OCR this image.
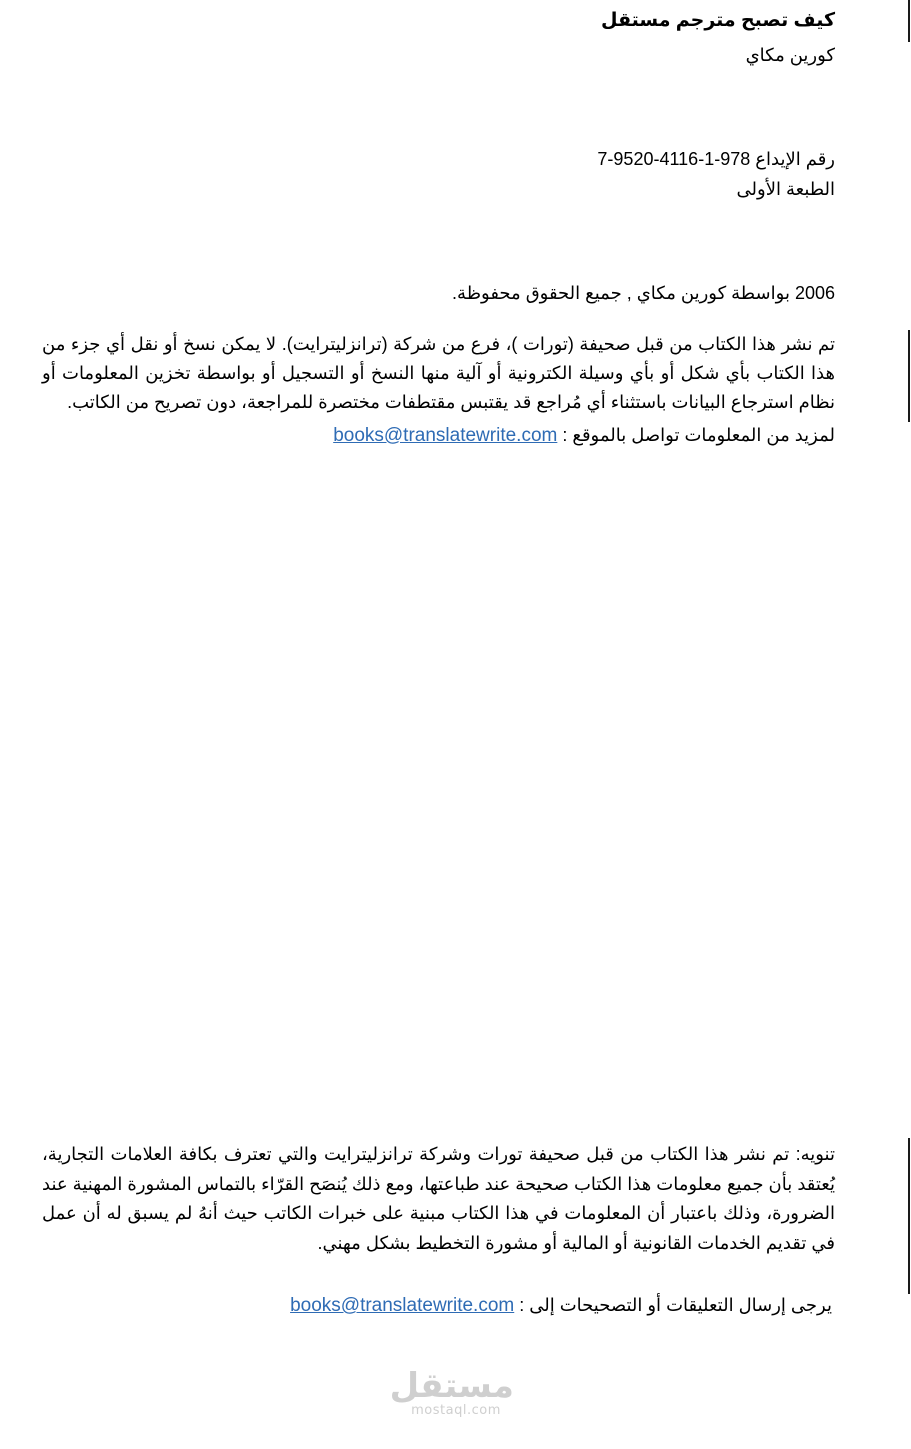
كيف تصبح مترجم مستقل
كورين مكاي
رقم الإيداع 978-1-4116-9520-7
الطبعة الأولى
2006 بواسطة كورين مكاي , جميع الحقوق محفوظة.
تم نشر هذا الكتاب من قبل صحيفة (تورات )، فرع من شركة (ترانزليترايت). لا يمكن نسخ أو نقل أي جزء من هذا الكتاب بأي شكل أو بأي وسيلة الكترونية أو آلية منها النسخ أو التسجيل أو بواسطة تخزين المعلومات أو نظام استرجاع البيانات باستثناء أي مُراجع قد يقتبس مقتطفات مختصرة للمراجعة، دون تصريح من الكاتب.
لمزيد من المعلومات تواصل بالموقع : books@translatewrite.com
تنويه: تم نشر هذا الكتاب من قبل صحيفة تورات وشركة ترانزليترايت والتي تعترف بكافة العلامات التجارية، يُعتقد بأن جميع معلومات هذا الكتاب صحيحة عند طباعتها، ومع ذلك يُنصَح القرّاء بالتماس المشورة المهنية عند الضرورة، وذلك باعتبار أن المعلومات في هذا الكتاب مبنية على خبرات الكاتب حيث أنهُ لم يسبق له أن عمل في تقديم الخدمات القانونية أو المالية أو مشورة التخطيط بشكل مهني.
يرجى إرسال التعليقات أو التصحيحات إلى : books@translatewrite.com
مستقل
mostaql.com
